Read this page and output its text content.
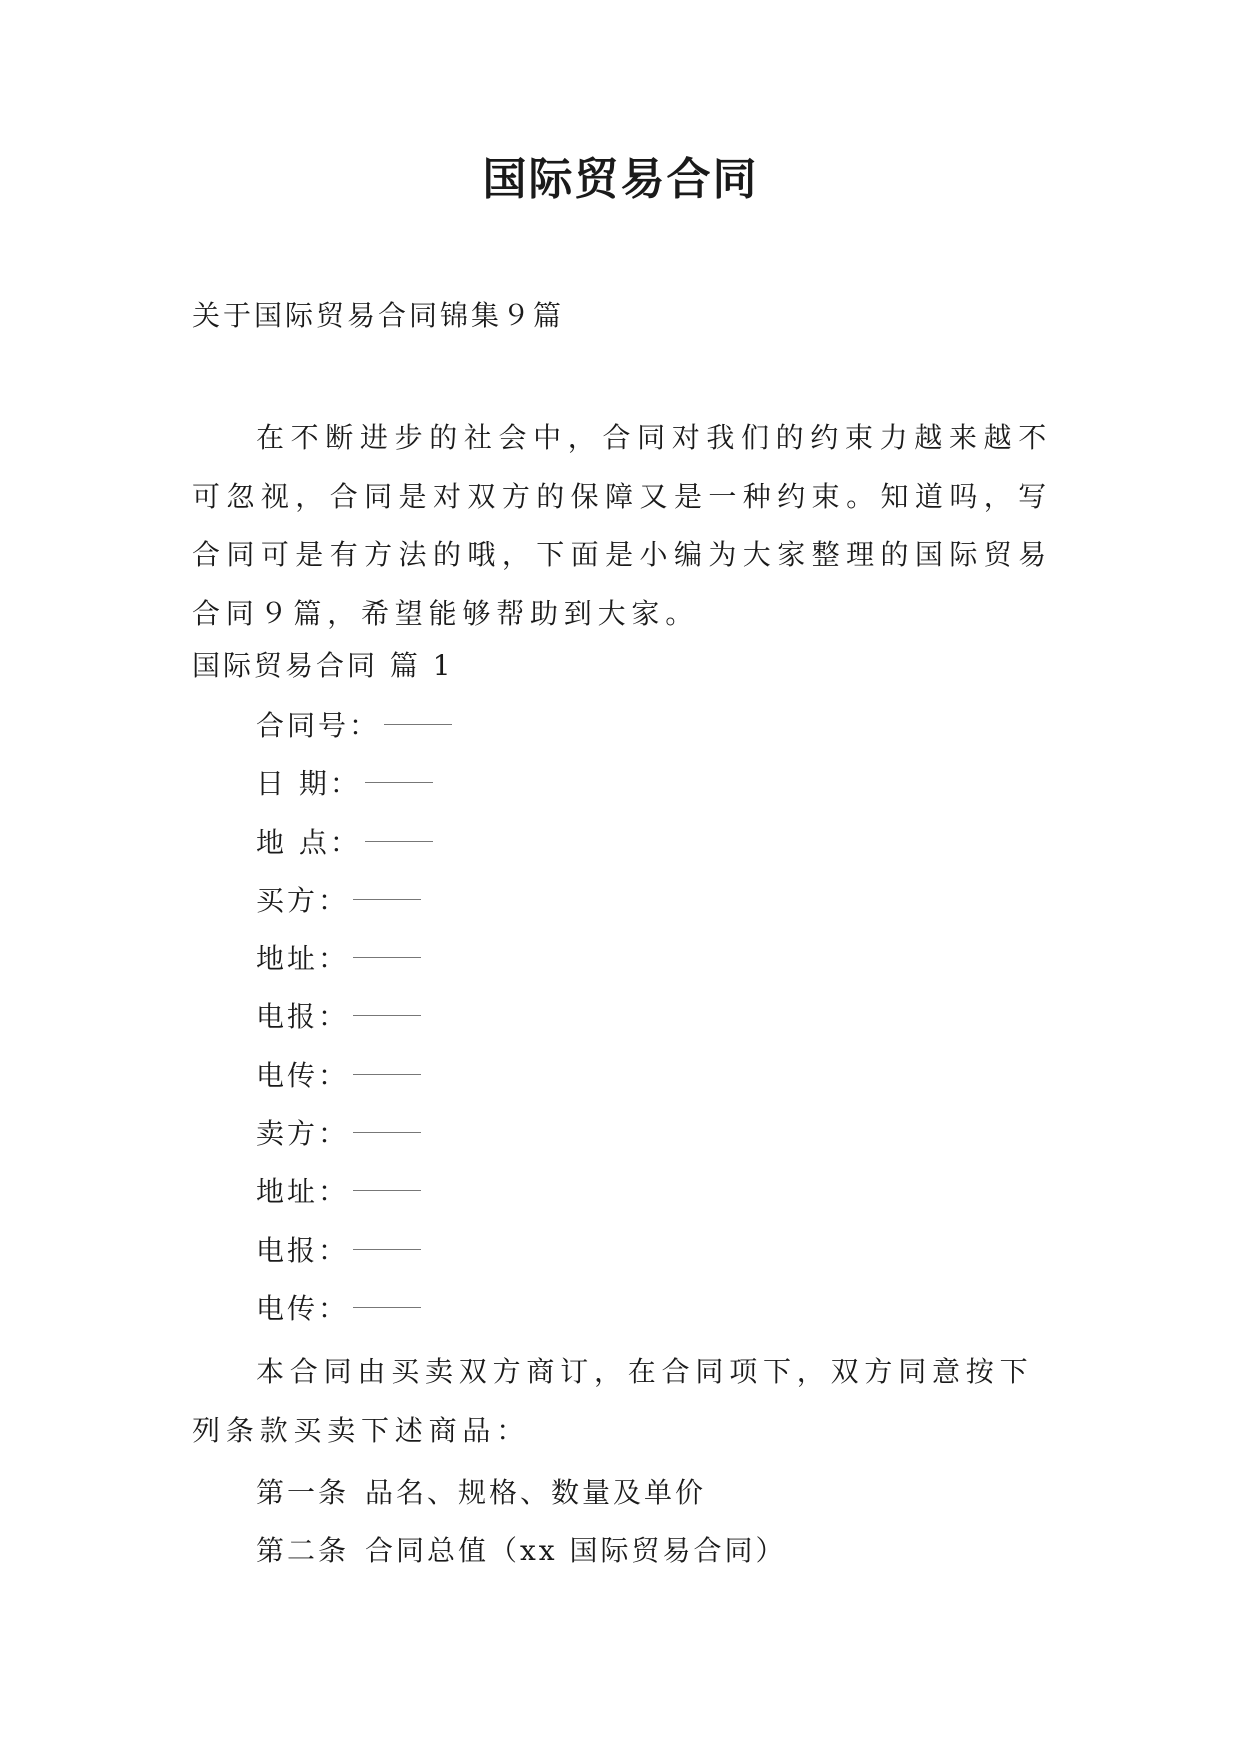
国际贸易合同
关于国际贸易合同锦集９篇

在不断进步的社会中，合同对我们的约束力越来越不可忽视，合同是对双方的保障又是一种约束。知道吗，写合同可是有方法的哦，下面是小编为大家整理的国际贸易合同９篇，希望能够帮助到大家。

国际贸易合同 篇 1
合同号：
日 期：
地 点：
买方：
地址：
电报：
电传：
卖方：
地址：
电报：
电传：

本合同由买卖双方商订，在合同项下，双方同意按下列条款买卖下述商品：

第一条 品名、规格、数量及单价
第二条 合同总值（xx 国际贸易合同）
